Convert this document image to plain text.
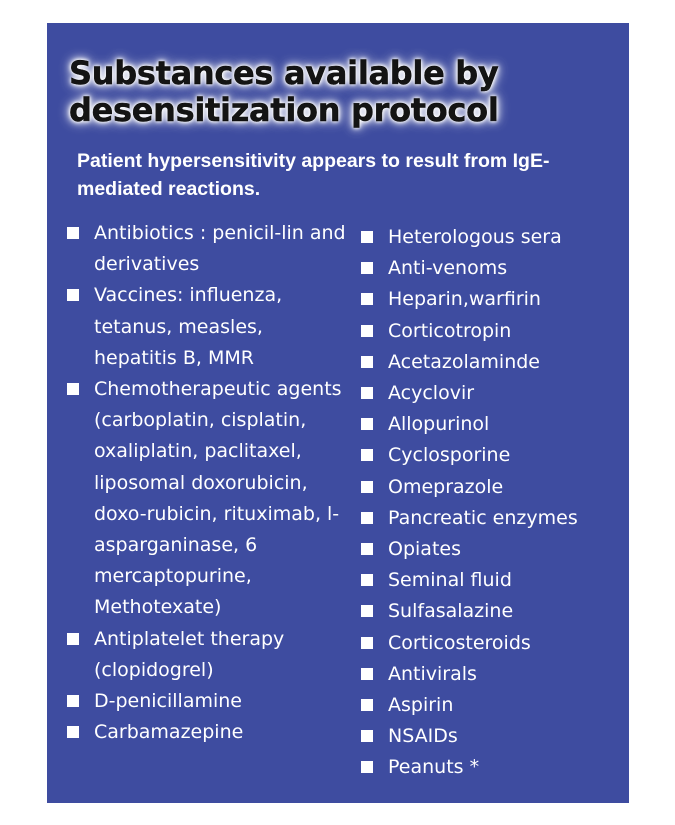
Substances available by desensitization protocol

Patient hypersensitivity appears to result from IgE-mediated reactions.

Antibiotics : penicil-lin and derivatives
Vaccines: influenza, tetanus, measles, hepatitis B, MMR
Chemotherapeutic agents (carboplatin, cisplatin, oxaliplatin, paclitaxel, liposomal doxorubicin, doxo-rubicin, rituximab, l-asparganinase, 6 mercaptopurine, Methotexate)
Antiplatelet therapy (clopidogrel)
D-penicillamine
Carbamazepine
Heterologous sera
Anti-venoms
Heparin,warfirin
Corticotropin
Acetazolaminde
Acyclovir
Allopurinol
Cyclosporine
Omeprazole
Pancreatic enzymes
Opiates
Seminal fluid
Sulfasalazine
Corticosteroids
Antivirals
Aspirin
NSAIDs
Peanuts *
